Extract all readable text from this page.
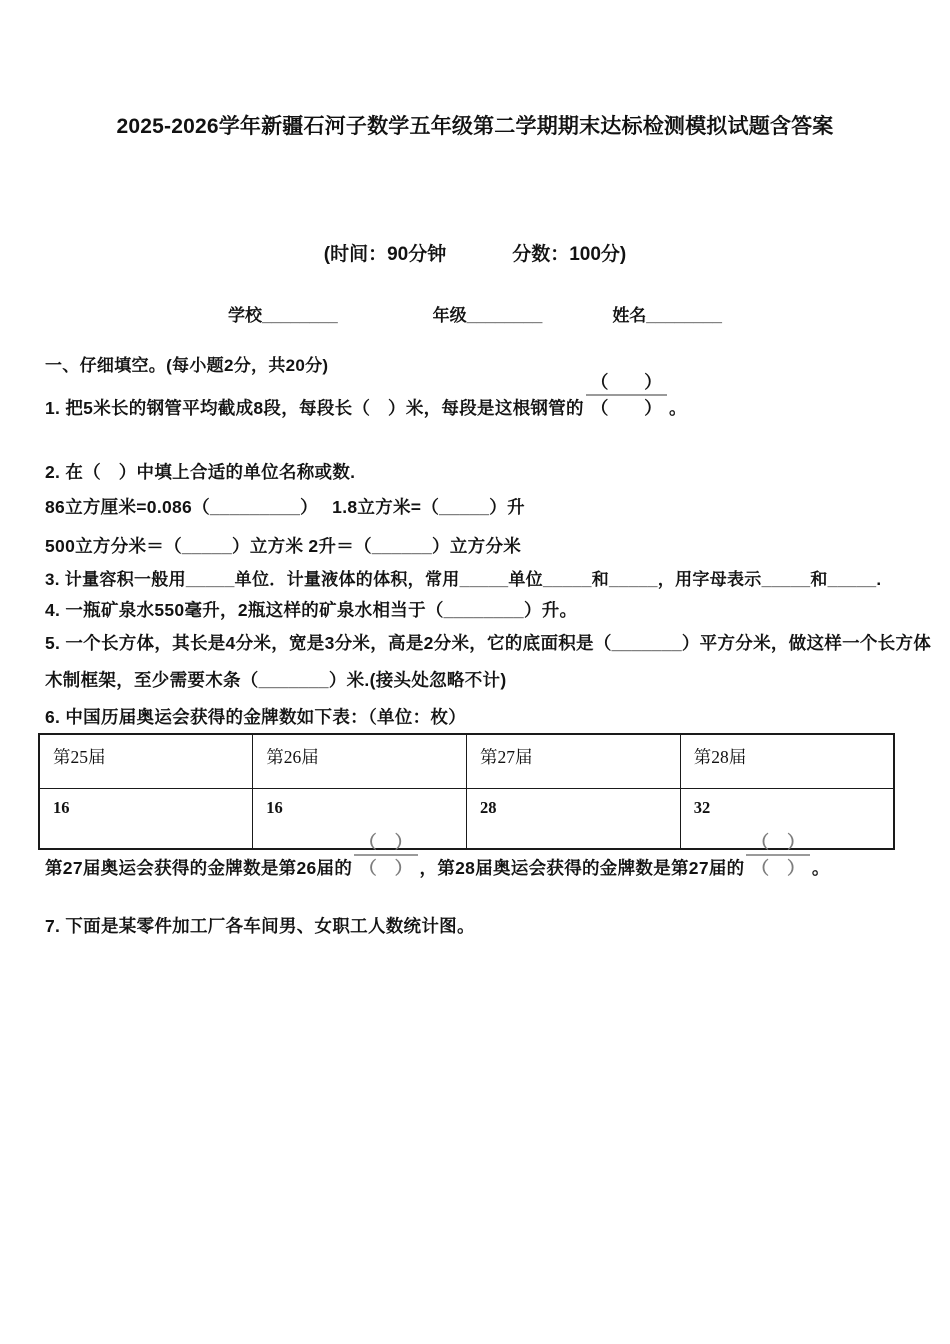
2025-2026学年新疆石河子数学五年级第二学期期末达标检测模拟试题含答案
(时间：90分钟	分数：100分)
学校________	年级________	姓名________
一、仔细填空。(每小题2分，共20分)
1. 把5米长的钢管平均截成8段，每段长（　）米，每段是这根钢管的 $\frac{( )}{( )}$ 。
2. 在（　）中填上合适的单位名称或数.
86立方厘米=0.086（_________）　 1.8立方米=（_____）升
500立方分米＝（_____）立方米 2升＝（______）立方分米
3. 计量容积一般用_____单位．计量液体的体积，常用_____单位_____和_____，用字母表示_____和_____.
4. 一瓶矿泉水550毫升，2瓶这样的矿泉水相当于（________）升。
5. 一个长方体，其长是4分米，宽是3分米，高是2分米，它的底面积是（_______）平方分米，做这样一个长方体
木制框架，至少需要木条（_______）米.(接头处忽略不计)
6. 中国历届奥运会获得的金牌数如下表：（单位：枚）
第25届	第26届	第27届	第28届
16	16	28	32
第27届奥运会获得的金牌数是第26届的 $\frac{( )}{( )}$ ，第28届奥运会获得的金牌数是第27届的 $\frac{( )}{( )}$ 。
7. 下面是某零件加工厂各车间男、女职工人数统计图。
